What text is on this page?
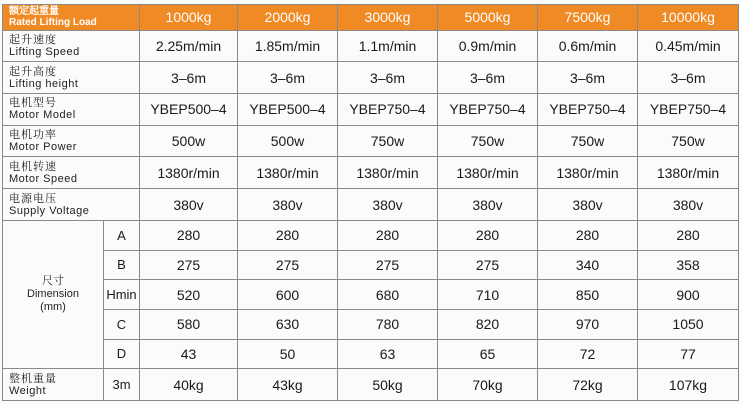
额定起重量
Rated Lifting Load		1000kg	2000kg	3000kg	5000kg	7500kg	10000kg

起升速度
Lifting Speed		2.25m/min	1.85m/min	1.1m/min	0.9m/min	0.6m/min	0.45m/min

起升高度
Lifting height		3–6m	3–6m	3–6m	3–6m	3–6m	3–6m

电机型号
Motor Model		YBEP500–4	YBEP500–4	YBEP750–4	YBEP750–4	YBEP750–4	YBEP750–4

电机功率
Motor Power		500w	500w	750w	750w	750w	750w

电机转速
Motor Speed		1380r/min	1380r/min	1380r/min	1380r/min	1380r/min	1380r/min

电源电压
Supply Voltage		380v	380v	380v	380v	380v	380v

尺寸
Dimension
(mm)	A	280	280	280	280	280	280
	B	275	275	275	275	340	358
	Hmin	520	600	680	710	850	900
	C	580	630	780	820	970	1050
	D	43	50	63	65	72	77

整机重量
Weight	3m	40kg	43kg	50kg	70kg	72kg	107kg
